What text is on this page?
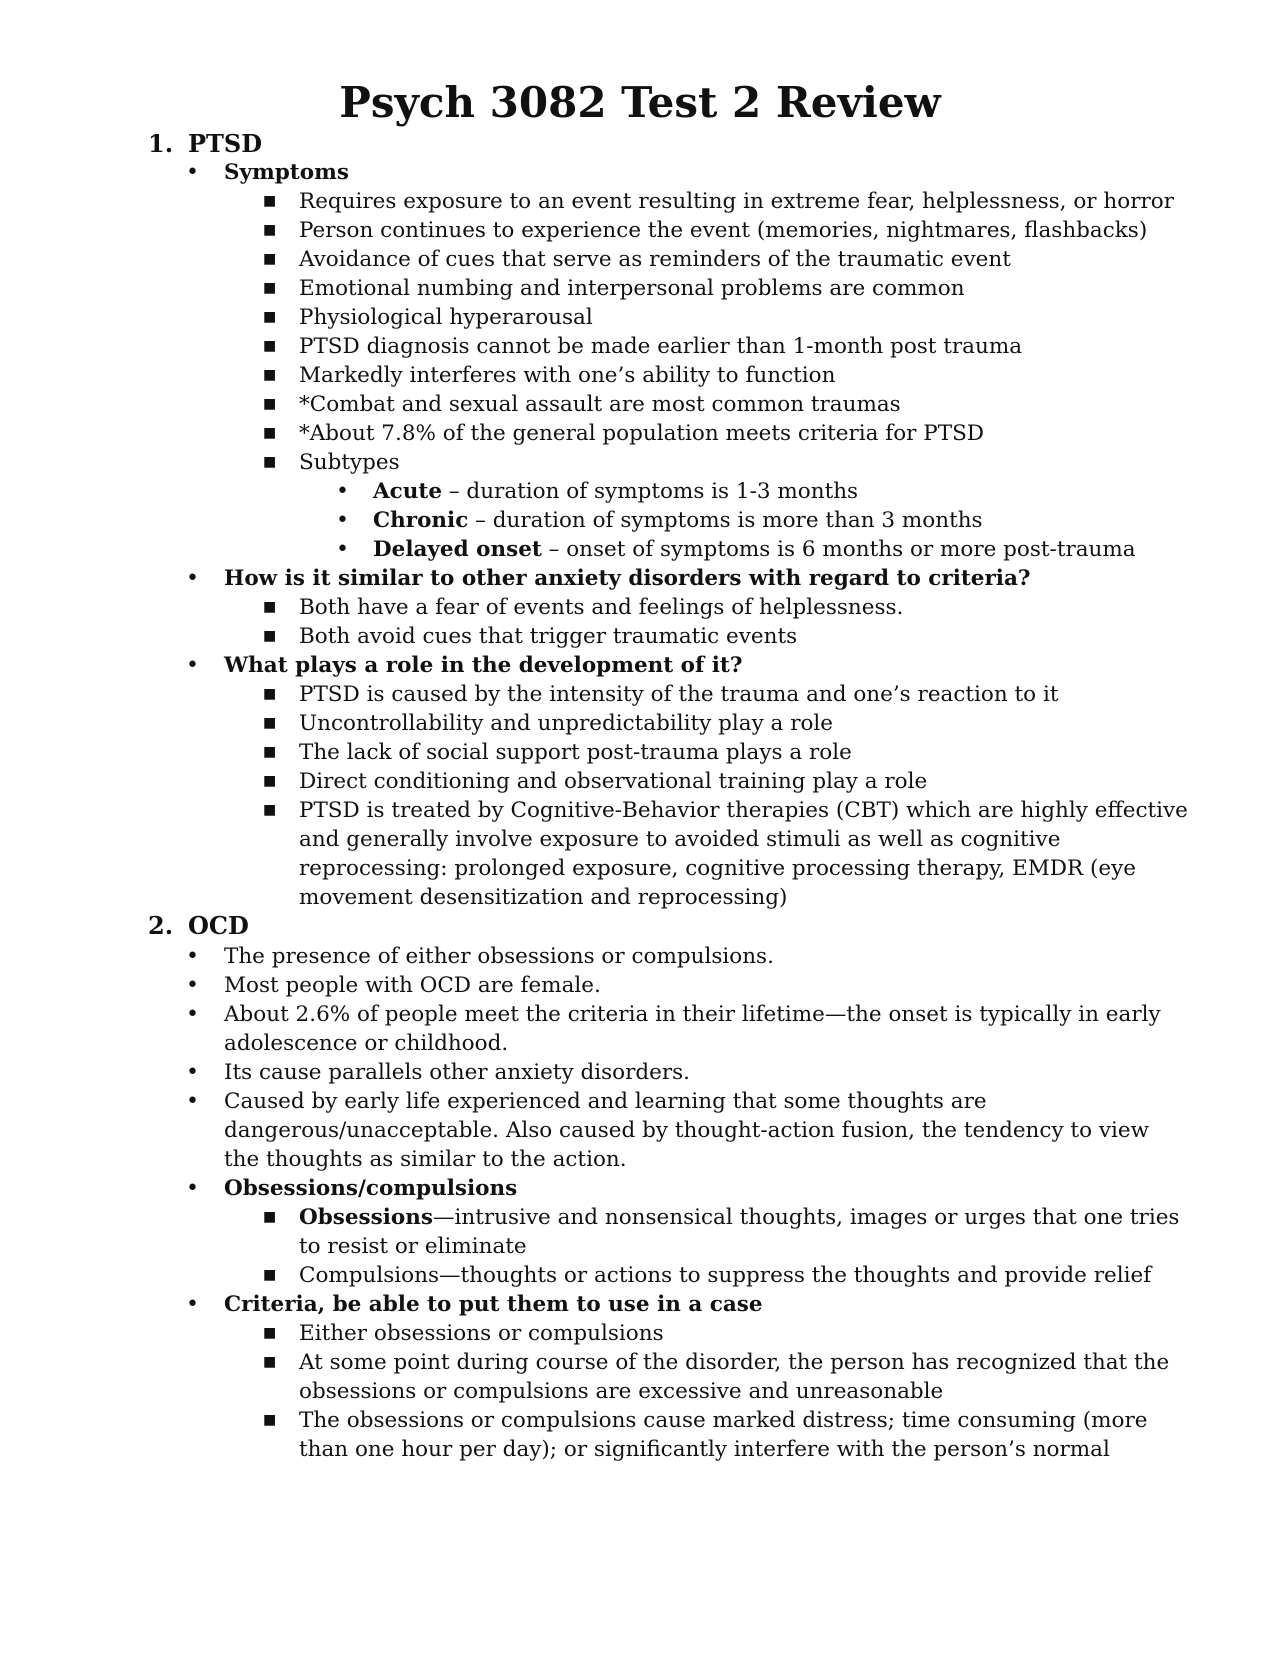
Psych 3082 Test 2 Review
1. PTSD
• Symptoms
■ Requires exposure to an event resulting in extreme fear, helplessness, or horror
■ Person continues to experience the event (memories, nightmares, flashbacks)
■ Avoidance of cues that serve as reminders of the traumatic event
■ Emotional numbing and interpersonal problems are common
■ Physiological hyperarousal
■ PTSD diagnosis cannot be made earlier than 1-month post trauma
■ Markedly interferes with one’s ability to function
■ *Combat and sexual assault are most common traumas
■ *About 7.8% of the general population meets criteria for PTSD
■ Subtypes
• Acute – duration of symptoms is 1-3 months
• Chronic – duration of symptoms is more than 3 months
• Delayed onset – onset of symptoms is 6 months or more post-trauma
• How is it similar to other anxiety disorders with regard to criteria?
■ Both have a fear of events and feelings of helplessness.
■ Both avoid cues that trigger traumatic events
• What plays a role in the development of it?
■ PTSD is caused by the intensity of the trauma and one’s reaction to it
■ Uncontrollability and unpredictability play a role
■ The lack of social support post-trauma plays a role
■ Direct conditioning and observational training play a role
■ PTSD is treated by Cognitive-Behavior therapies (CBT) which are highly effective
and generally involve exposure to avoided stimuli as well as cognitive
reprocessing: prolonged exposure, cognitive processing therapy, EMDR (eye
movement desensitization and reprocessing)
2. OCD
• The presence of either obsessions or compulsions.
• Most people with OCD are female.
• About 2.6% of people meet the criteria in their lifetime—the onset is typically in early
adolescence or childhood.
• Its cause parallels other anxiety disorders.
• Caused by early life experienced and learning that some thoughts are
dangerous/unacceptable. Also caused by thought-action fusion, the tendency to view
the thoughts as similar to the action.
• Obsessions/compulsions
■ Obsessions—intrusive and nonsensical thoughts, images or urges that one tries
to resist or eliminate
■ Compulsions—thoughts or actions to suppress the thoughts and provide relief
• Criteria, be able to put them to use in a case
■ Either obsessions or compulsions
■ At some point during course of the disorder, the person has recognized that the
obsessions or compulsions are excessive and unreasonable
■ The obsessions or compulsions cause marked distress; time consuming (more
than one hour per day); or significantly interfere with the person’s normal
